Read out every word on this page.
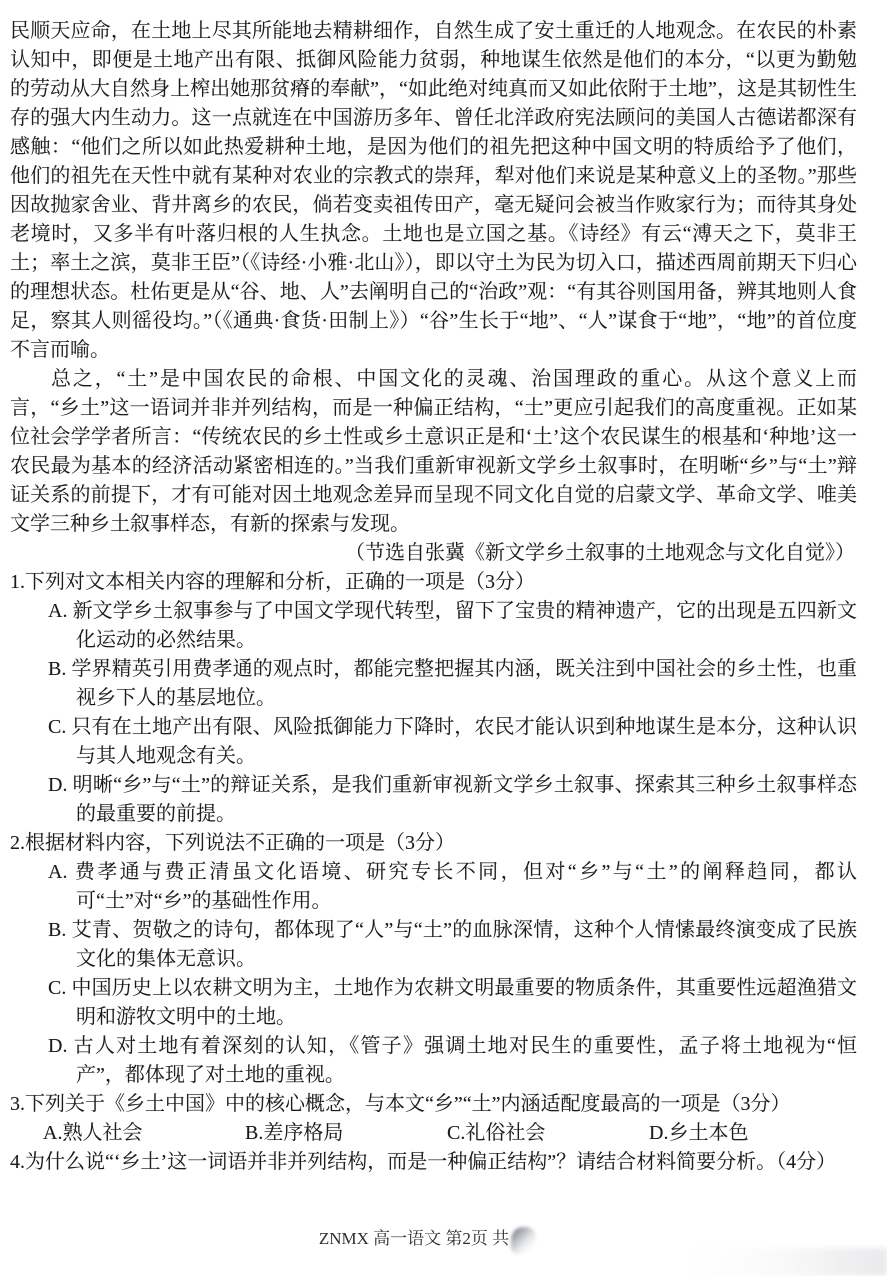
民顺天应命，在土地上尽其所能地去精耕细作，自然生成了安土重迁的人地观念。在农民的朴素认知中，即便是土地产出有限、抵御风险能力贫弱，种地谋生依然是他们的本分，“以更为勤勉的劳动从大自然身上榨出她那贫瘠的奉献”，“如此绝对纯真而又如此依附于土地”，这是其韧性生存的强大内生动力。这一点就连在中国游历多年、曾任北洋政府宪法顾问的美国人古德诺都深有感触：“他们之所以如此热爱耕种土地，是因为他们的祖先把这种中国文明的特质给予了他们，他们的祖先在天性中就有某种对农业的宗教式的崇拜，犁对他们来说是某种意义上的圣物。”那些因故抛家舍业、背井离乡的农民，倘若变卖祖传田产，毫无疑问会被当作败家行为；而待其身处老境时，又多半有叶落归根的人生执念。土地也是立国之基。《诗经》有云“溥天之下，莫非王土；率土之滨，莫非王臣”（《诗经·小雅·北山》），即以守土为民为切入口，描述西周前期天下归心的理想状态。杜佑更是从“谷、地、人”去阐明自己的“治政”观：“有其谷则国用备，辨其地则人食足，察其人则徭役均。”（《通典·食货·田制上》）“谷”生长于“地”、“人”谋食于“地”，“地”的首位度不言而喻。

总之，“土”是中国农民的命根、中国文化的灵魂、治国理政的重心。从这个意义上而言，“乡土”这一语词并非并列结构，而是一种偏正结构，“土”更应引起我们的高度重视。正如某位社会学学者所言：“传统农民的乡土性或乡土意识正是和‘土’这个农民谋生的根基和‘种地’这一农民最为基本的经济活动紧密相连的。”当我们重新审视新文学乡土叙事时，在明晰“乡”与“土”辩证关系的前提下，才有可能对因土地观念差异而呈现不同文化自觉的启蒙文学、革命文学、唯美文学三种乡土叙事样态，有新的探索与发现。

（节选自张冀《新文学乡土叙事的土地观念与文化自觉》）
1.下列对文本相关内容的理解和分析，正确的一项是（3分）
A. 新文学乡土叙事参与了中国文学现代转型，留下了宝贵的精神遗产，它的出现是五四新文化运动的必然结果。
B. 学界精英引用费孝通的观点时，都能完整把握其内涵，既关注到中国社会的乡土性，也重视乡下人的基层地位。
C. 只有在土地产出有限、风险抵御能力下降时，农民才能认识到种地谋生是本分，这种认识与其人地观念有关。
D. 明晰“乡”与“土”的辩证关系，是我们重新审视新文学乡土叙事、探索其三种乡土叙事样态的最重要的前提。
2.根据材料内容，下列说法不正确的一项是（3分）
A. 费孝通与费正清虽文化语境、研究专长不同，但对“乡”与“土”的阐释趋同，都认可“土”对“乡”的基础性作用。
B. 艾青、贺敬之的诗句，都体现了“人”与“土”的血脉深情，这种个人情愫最终演变成了民族文化的集体无意识。
C. 中国历史上以农耕文明为主，土地作为农耕文明最重要的物质条件，其重要性远超渔猎文明和游牧文明中的土地。
D. 古人对土地有着深刻的认知，《管子》强调土地对民生的重要性，孟子将土地视为“恒产”，都体现了对土地的重视。
3.下列关于《乡土中国》中的核心概念，与本文“乡”“土”内涵适配度最高的一项是（3分）
A.熟人社会	B.差序格局	C.礼俗社会	D.乡土本色
4.为什么说“‘乡土’这一词语并非并列结构，而是一种偏正结构”？请结合材料简要分析。（4分）
ZNMX 高一语文 第2页 共
